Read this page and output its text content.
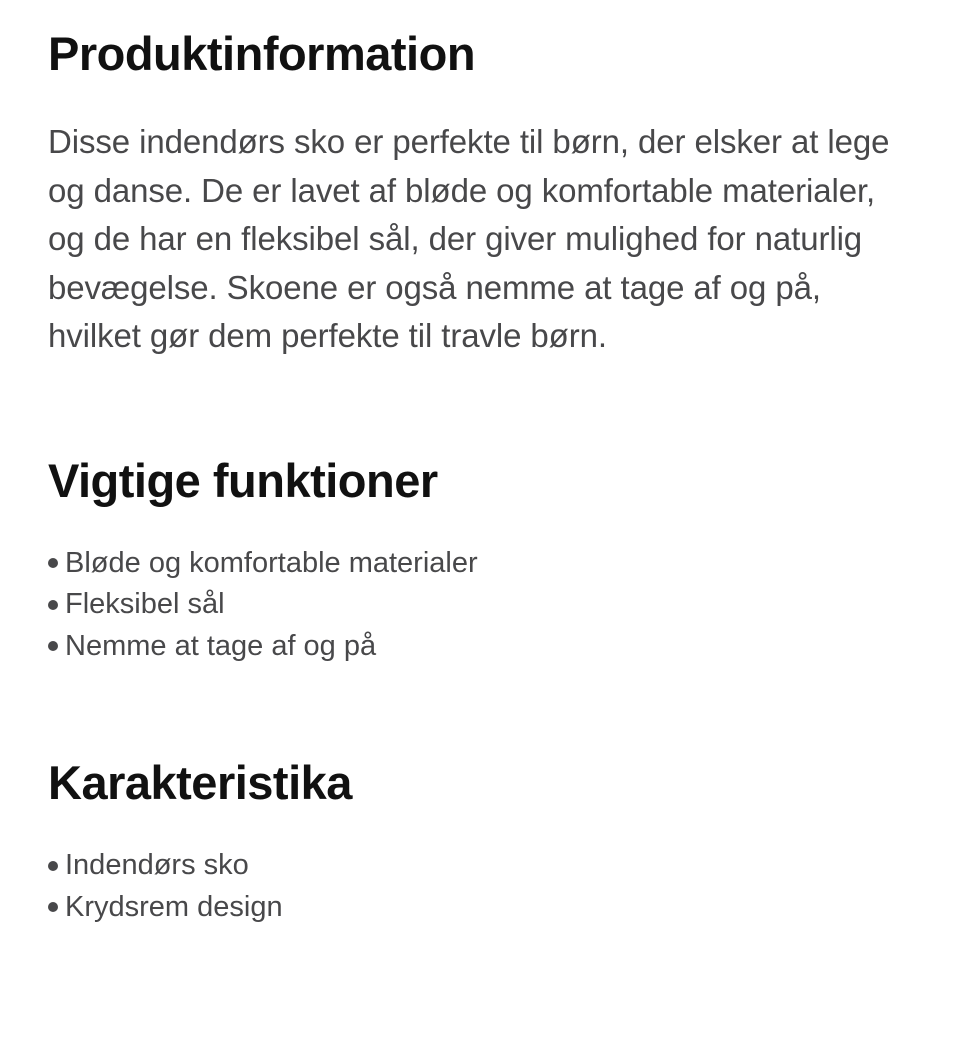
Produktinformation

Disse indendørs sko er perfekte til børn, der elsker at lege og danse. De er lavet af bløde og komfortable materialer, og de har en fleksibel sål, der giver mulighed for naturlig bevægelse. Skoene er også nemme at tage af og på, hvilket gør dem perfekte til travle børn.

Vigtige funktioner
Bløde og komfortable materialer
Fleksibel sål
Nemme at tage af og på
Karakteristika
Indendørs sko
Krydsrem design
